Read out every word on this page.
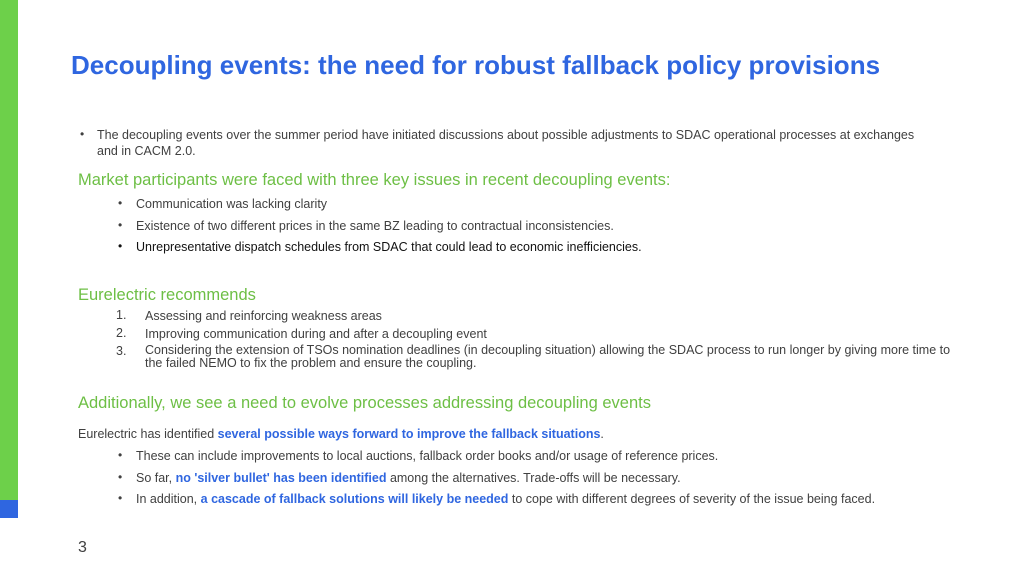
Decoupling events: the need for robust fallback policy provisions
• The decoupling events over the summer period have initiated discussions about possible adjustments to SDAC operational processes at exchanges and in CACM 2.0.
Market participants were faced with three key issues in recent decoupling events:
• Communication was lacking clarity
• Existence of two different prices in the same BZ leading to contractual inconsistencies.
• Unrepresentative dispatch schedules from SDAC that could lead to economic inefficiencies.
Eurelectric recommends
1. Assessing and reinforcing weakness areas
2. Improving communication during and after a decoupling event
3. Considering the extension of TSOs nomination deadlines (in decoupling situation) allowing the SDAC process to run longer by giving more time to the failed NEMO to fix the problem and ensure the coupling.
Additionally, we see a need to evolve processes addressing decoupling events
Eurelectric has identified several possible ways forward to improve the fallback situations.
• These can include improvements to local auctions, fallback order books and/or usage of reference prices.
• So far, no 'silver bullet' has been identified among the alternatives. Trade-offs will be necessary.
• In addition, a cascade of fallback solutions will likely be needed to cope with different degrees of severity of the issue being faced.
3
